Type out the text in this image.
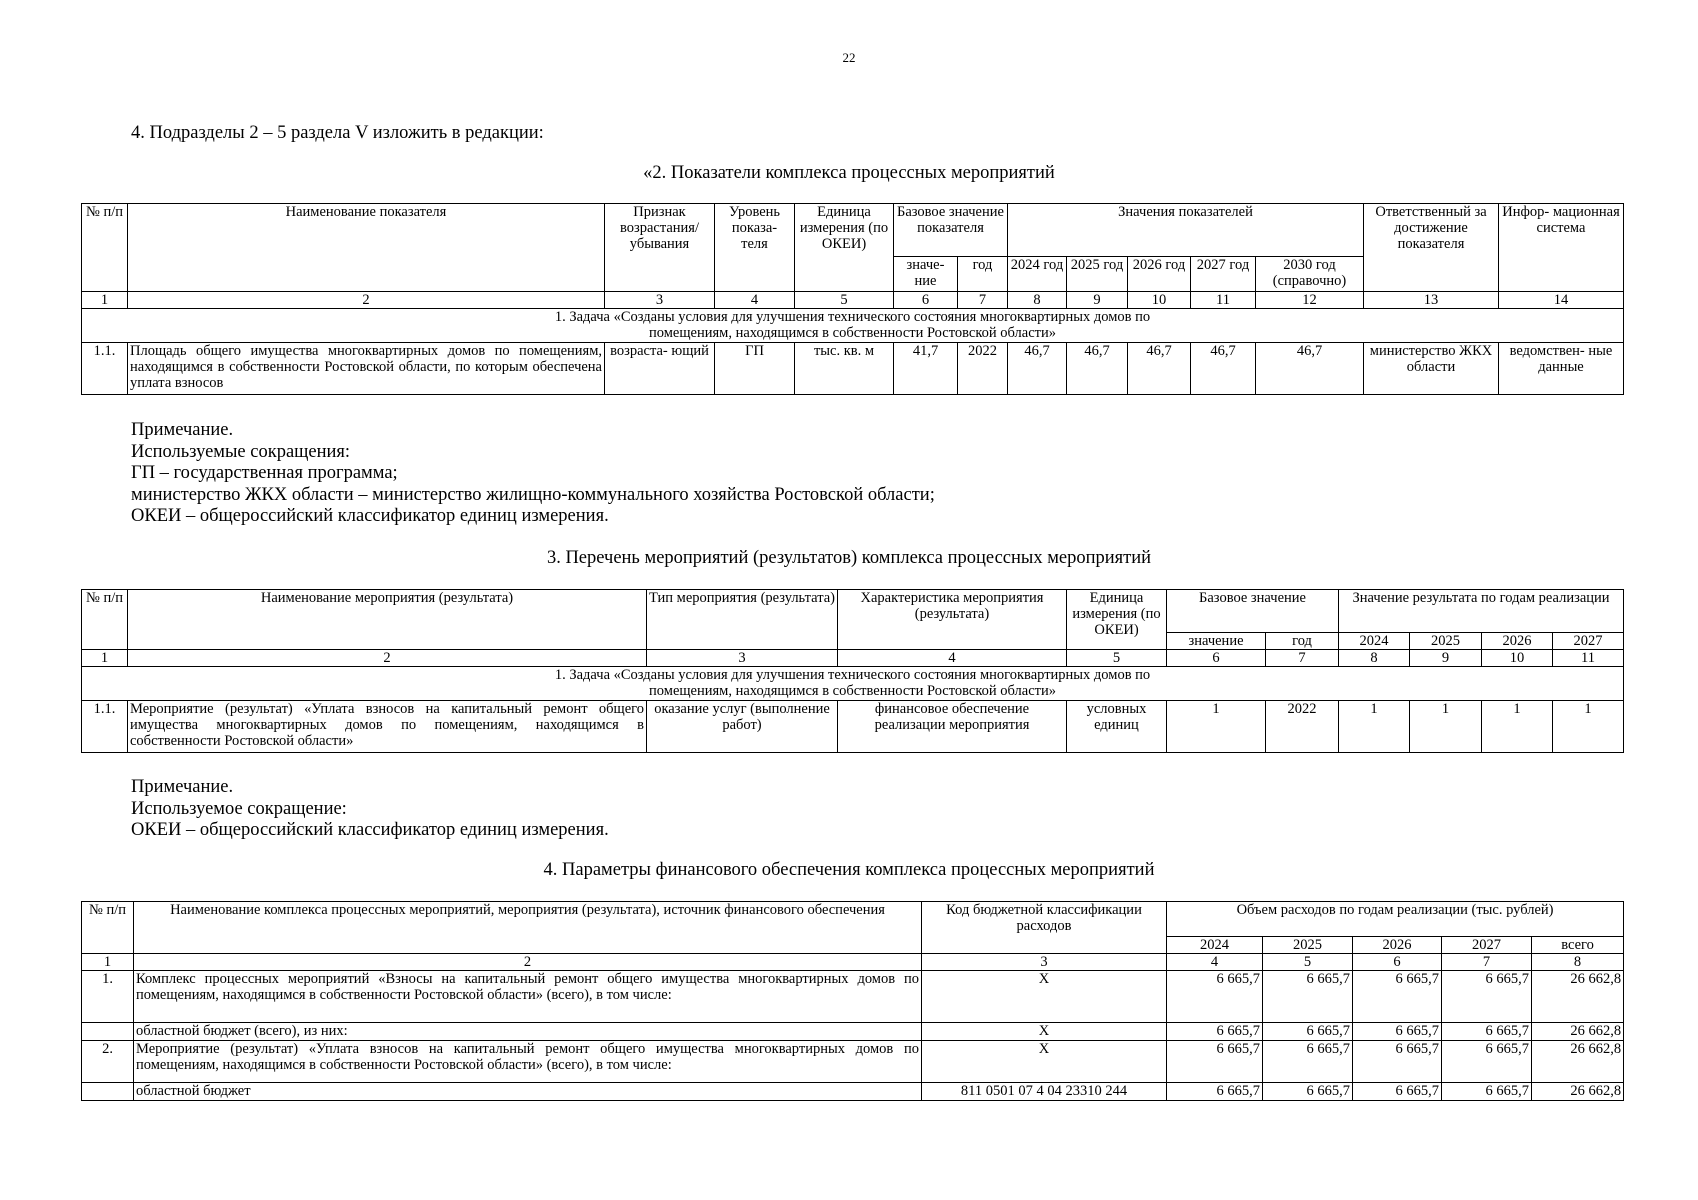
22
4. Подразделы 2 – 5 раздела V изложить в редакции:
«2. Показатели комплекса процессных мероприятий
№ п/п	Наименование показателя	Признак возрастания/ убывания	Уровень показа- теля	Единица измерения (по ОКЕИ)	Базовое значение показателя		Значения показателей					Ответственный за достижение показателя	Инфор- мационная система
					значе- ние	год	2024 год	2025 год	2026 год	2027 год	2030 год (справочно)		
1	2	3	4	5	6	7	8	9	10	11	12	13	14
1. Задача «Созданы условия для улучшения технического состояния многоквартирных домов по помещениям, находящимся в собственности Ростовской области»													
1.1.	Площадь общего имущества многоквартирных домов по помещениям, находящимся в собственности Ростовской области, по которым обеспечена уплата взносов	возраста- ющий	ГП	тыс. кв. м	41,7	2022	46,7	46,7	46,7	46,7	46,7	министерство ЖКХ области	ведомствен- ные данные
Примечание.
Используемые сокращения:
ГП – государственная программа;
министерство ЖКХ области – министерство жилищно-коммунального хозяйства Ростовской области;
ОКЕИ – общероссийский классификатор единиц измерения.
3. Перечень мероприятий (результатов) комплекса процессных мероприятий
№ п/п	Наименование мероприятия (результата)	Тип мероприятия (результата)	Характеристика мероприятия (результата)	Единица измерения (по ОКЕИ)	Базовое значение		Значение результата по годам реализации			
					значение	год	2024	2025	2026	2027
1	2	3	4	5	6	7	8	9	10	11
1. Задача «Созданы условия для улучшения технического состояния многоквартирных домов по помещениям, находящимся в собственности Ростовской области»										
1.1.	Мероприятие (результат) «Уплата взносов на капитальный ремонт общего имущества многоквартирных домов по помещениям, находящимся в собственности Ростовской области»	оказание услуг (выполнение работ)	финансовое обеспечение реализации мероприятия	условных единиц	1	2022	1	1	1	1
Примечание.
Используемое сокращение:
ОКЕИ – общероссийский классификатор единиц измерения.
4. Параметры финансового обеспечения комплекса процессных мероприятий
№ п/п	Наименование комплекса процессных мероприятий, мероприятия (результата), источник финансового обеспечения	Код бюджетной классификации расходов	Объем расходов по годам реализации (тыс. рублей)				
			2024	2025	2026	2027	всего
1	2	3	4	5	6	7	8
1.	Комплекс процессных мероприятий «Взносы на капитальный ремонт общего имущества многоквартирных домов по помещениям, находящимся в собственности Ростовской области» (всего), в том числе:	Х	6 665,7	6 665,7	6 665,7	6 665,7	26 662,8
	областной бюджет (всего), из них:	Х	6 665,7	6 665,7	6 665,7	6 665,7	26 662,8
2.	Мероприятие (результат) «Уплата взносов на капитальный ремонт общего имущества многоквартирных домов по помещениям, находящимся в собственности Ростовской области» (всего), в том числе:	Х	6 665,7	6 665,7	6 665,7	6 665,7	26 662,8
	областной бюджет	811 0501 07 4 04 23310 244	6 665,7	6 665,7	6 665,7	6 665,7	26 662,8
